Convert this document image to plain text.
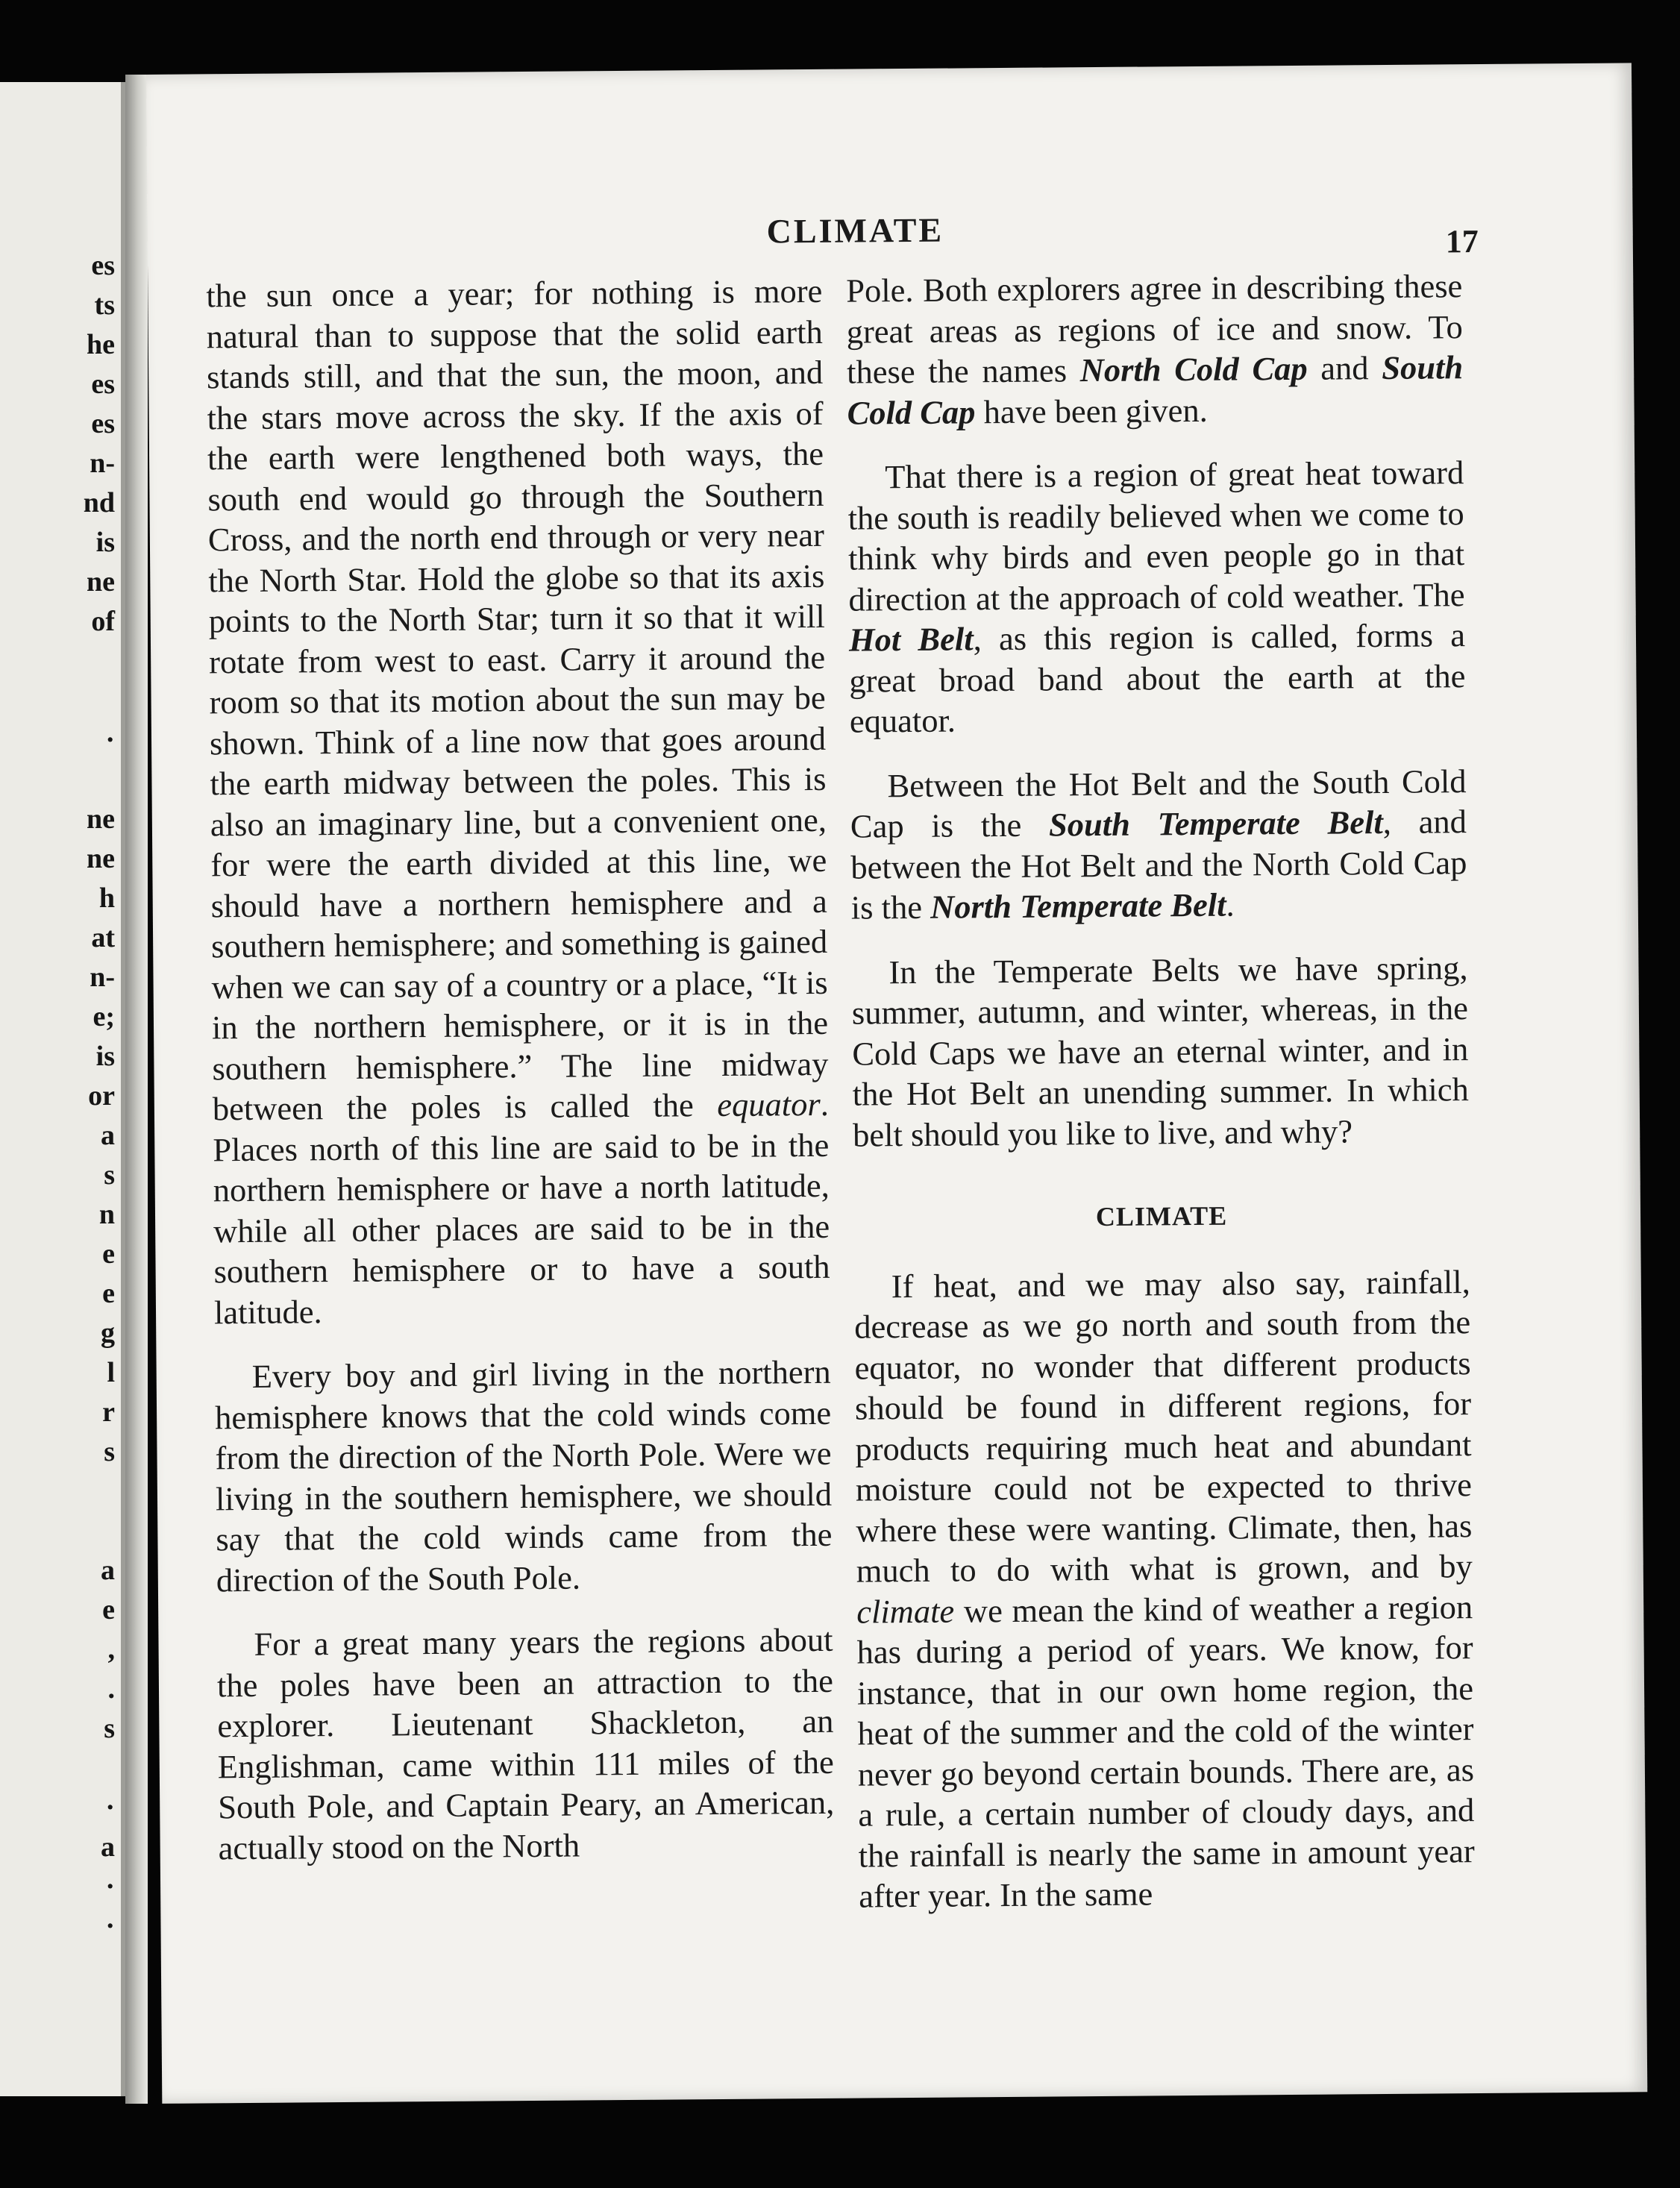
es
ts
he
es
es
n-
nd
is
ne
of
·
ne
ne
h
at
n-
e;
is
or
a
s
n
e
e
g
l
r
s
a
e
,
.
s
·
a
·
·
CLIMATE	17

the sun once a year; for nothing is more natural than to suppose that the solid earth stands still, and that the sun, the moon, and the stars move across the sky. If the axis of the earth were lengthened both ways, the south end would go through the Southern Cross, and the north end through or very near the North Star. Hold the globe so that its axis points to the North Star; turn it so that it will rotate from west to east. Carry it around the room so that its motion about the sun may be shown. Think of a line now that goes around the earth midway between the poles. This is also an imaginary line, but a convenient one, for were the earth divided at this line, we should have a northern hemisphere and a southern hemisphere; and something is gained when we can say of a country or a place, “It is in the northern hemisphere, or it is in the southern hemisphere.” The line midway between the poles is called the equator. Places north of this line are said to be in the northern hemisphere or have a north latitude, while all other places are said to be in the southern hemisphere or to have a south latitude.

Every boy and girl living in the northern hemisphere knows that the cold winds come from the direction of the North Pole. Were we living in the southern hemisphere, we should say that the cold winds came from the direction of the South Pole.

For a great many years the regions about the poles have been an attraction to the explorer. Lieutenant Shackleton, an Englishman, came within 111 miles of the South Pole, and Captain Peary, an American, actually stood on the North

Pole. Both explorers agree in describing these great areas as regions of ice and snow. To these the names North Cold Cap and South Cold Cap have been given.

That there is a region of great heat toward the south is readily believed when we come to think why birds and even people go in that direction at the approach of cold weather. The Hot Belt, as this region is called, forms a great broad band about the earth at the equator.

Between the Hot Belt and the South Cold Cap is the South Temperate Belt, and between the Hot Belt and the North Cold Cap is the North Temperate Belt.

In the Temperate Belts we have spring, summer, autumn, and winter, whereas, in the Cold Caps we have an eternal winter, and in the Hot Belt an unending summer. In which belt should you like to live, and why?

CLIMATE

If heat, and we may also say, rainfall, decrease as we go north and south from the equator, no wonder that different products should be found in different regions, for products requiring much heat and abundant moisture could not be expected to thrive where these were wanting. Climate, then, has much to do with what is grown, and by climate we mean the kind of weather a region has during a period of years. We know, for instance, that in our own home region, the heat of the summer and the cold of the winter never go beyond certain bounds. There are, as a rule, a certain number of cloudy days, and the rainfall is nearly the same in amount year after year. In the same
